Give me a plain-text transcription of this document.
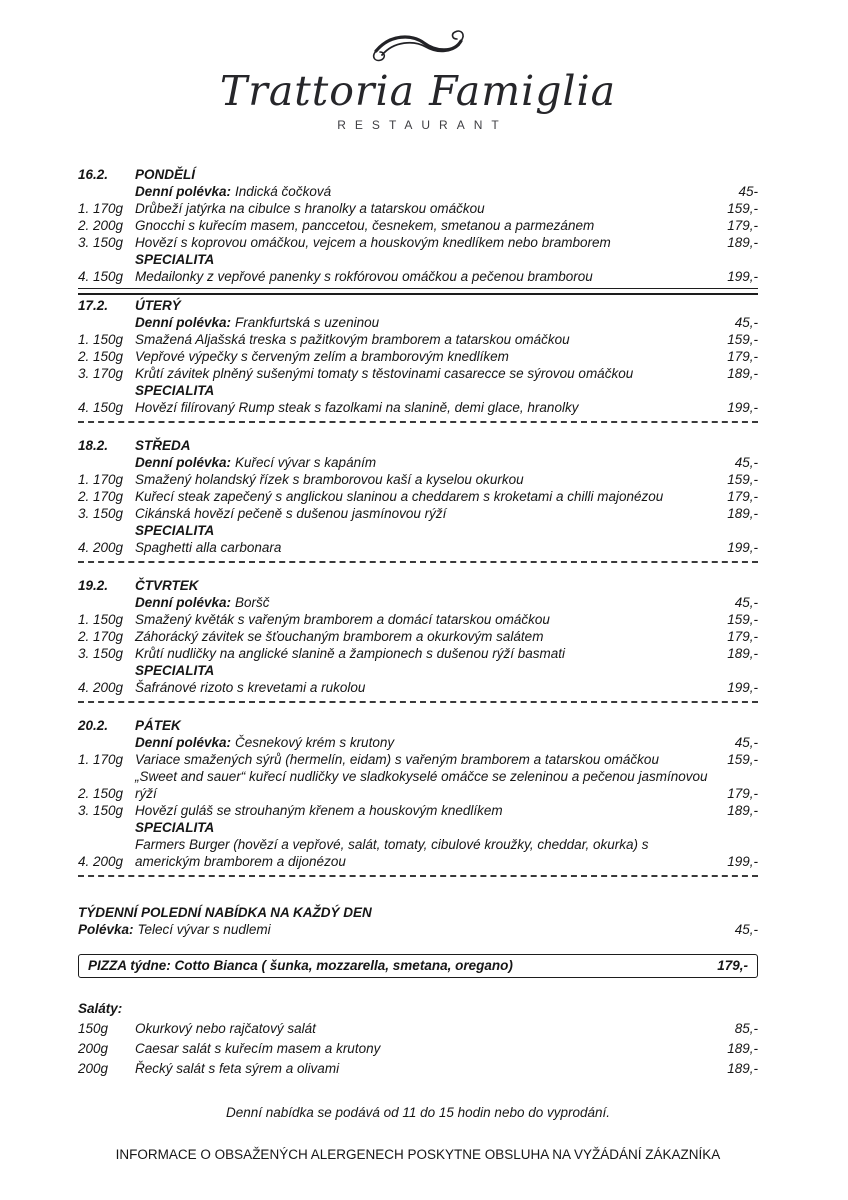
Trattoria Famiglia
RESTAURANT
16.2.	PONDĚLÍ
Denní polévka: Indická čočková	45-
1. 170g Drůbeží jatýrka na cibulce s hranolky a tatarskou omáčkou	159,-
2. 200g Gnocchi s kuřecím masem, panccetou, česnekem, smetanou a parmezánem	179,-
3. 150g Hovězí s koprovou omáčkou, vejcem a houskovým knedlíkem nebo bramborem	189,-
SPECIALITA
4. 150g Medailonky z vepřové panenky s rokfórovou omáčkou a pečenou bramborou	199,-
17.2.	ÚTERÝ
Denní polévka: Frankfurtská s uzeninou	45,-
1. 150g Smažená Aljašská treska s pažitkovým bramborem a tatarskou omáčkou	159,-
2. 150g Vepřové výpečky s červeným zelím a bramborovým knedlíkem	179,-
3. 170g Krůtí závitek plněný sušenými tomaty s těstovinami casarecce se sýrovou omáčkou	189,-
SPECIALITA
4. 150g Hovězí filírovaný Rump steak s fazolkami na slanině, demi glace, hranolky	199,-
18.2.	STŘEDA
Denní polévka: Kuřecí vývar s kapáním	45,-
1. 170g Smažený holandský řízek s bramborovou kaší a kyselou okurkou	159,-
2. 170g Kuřecí steak zapečený s anglickou slaninou a cheddarem s kroketami a chilli majonézou	179,-
3. 150g Cikánská hovězí pečeně s dušenou jasmínovou rýží	189,-
SPECIALITA
4. 200g Spaghetti alla carbonara	199,-
19.2.	ČTVRTEK
Denní polévka: Boršč	45,-
1. 150g Smažený květák s vařeným bramborem a domácí tatarskou omáčkou	159,-
2. 170g Záhorácký závitek se šťouchaným bramborem a okurkovým salátem	179,-
3. 150g Krůtí nudličky na anglické slanině a žampionech s dušenou rýží basmati	189,-
SPECIALITA
4. 200g Šafránové rizoto s krevetami a rukolou	199,-
20.2.	PÁTEK
Denní polévka: Česnekový krém s krutony	45,-
1. 170g Variace smažených sýrů (hermelín, eidam) s vařeným bramborem a tatarskou omáčkou	159,-
2. 150g
„Sweet and sauer“ kuřecí nudličky ve sladkokyselé omáčce se zeleninou a pečenou jasmínovou rýží	179,-
3. 150g Hovězí guláš se strouhaným křenem a houskovým knedlíkem	189,-
SPECIALITA
4. 200g
Farmers Burger (hovězí a vepřové, salát, tomaty, cibulové kroužky, cheddar, okurka) s
americkým bramborem a dijonézou	199,-
TÝDENNÍ POLEDNÍ NABÍDKA NA KAŽDÝ DEN
Polévka: Telecí vývar s nudlemi	45,-
PIZZA týdne: Cotto Bianca ( šunka, mozzarella, smetana, oregano)	179,-
Saláty:
150g	Okurkový nebo rajčatový salát	85,-
200g	Caesar salát s kuřecím masem a krutony	189,-
200g	Řecký salát s feta sýrem a olivami	189,-
Denní nabídka se podává od 11 do 15 hodin nebo do vyprodání.
INFORMACE O OBSAŽENÝCH ALERGENECH POSKYTNE OBSLUHA NA VYŽÁDÁNÍ ZÁKAZNÍKA
